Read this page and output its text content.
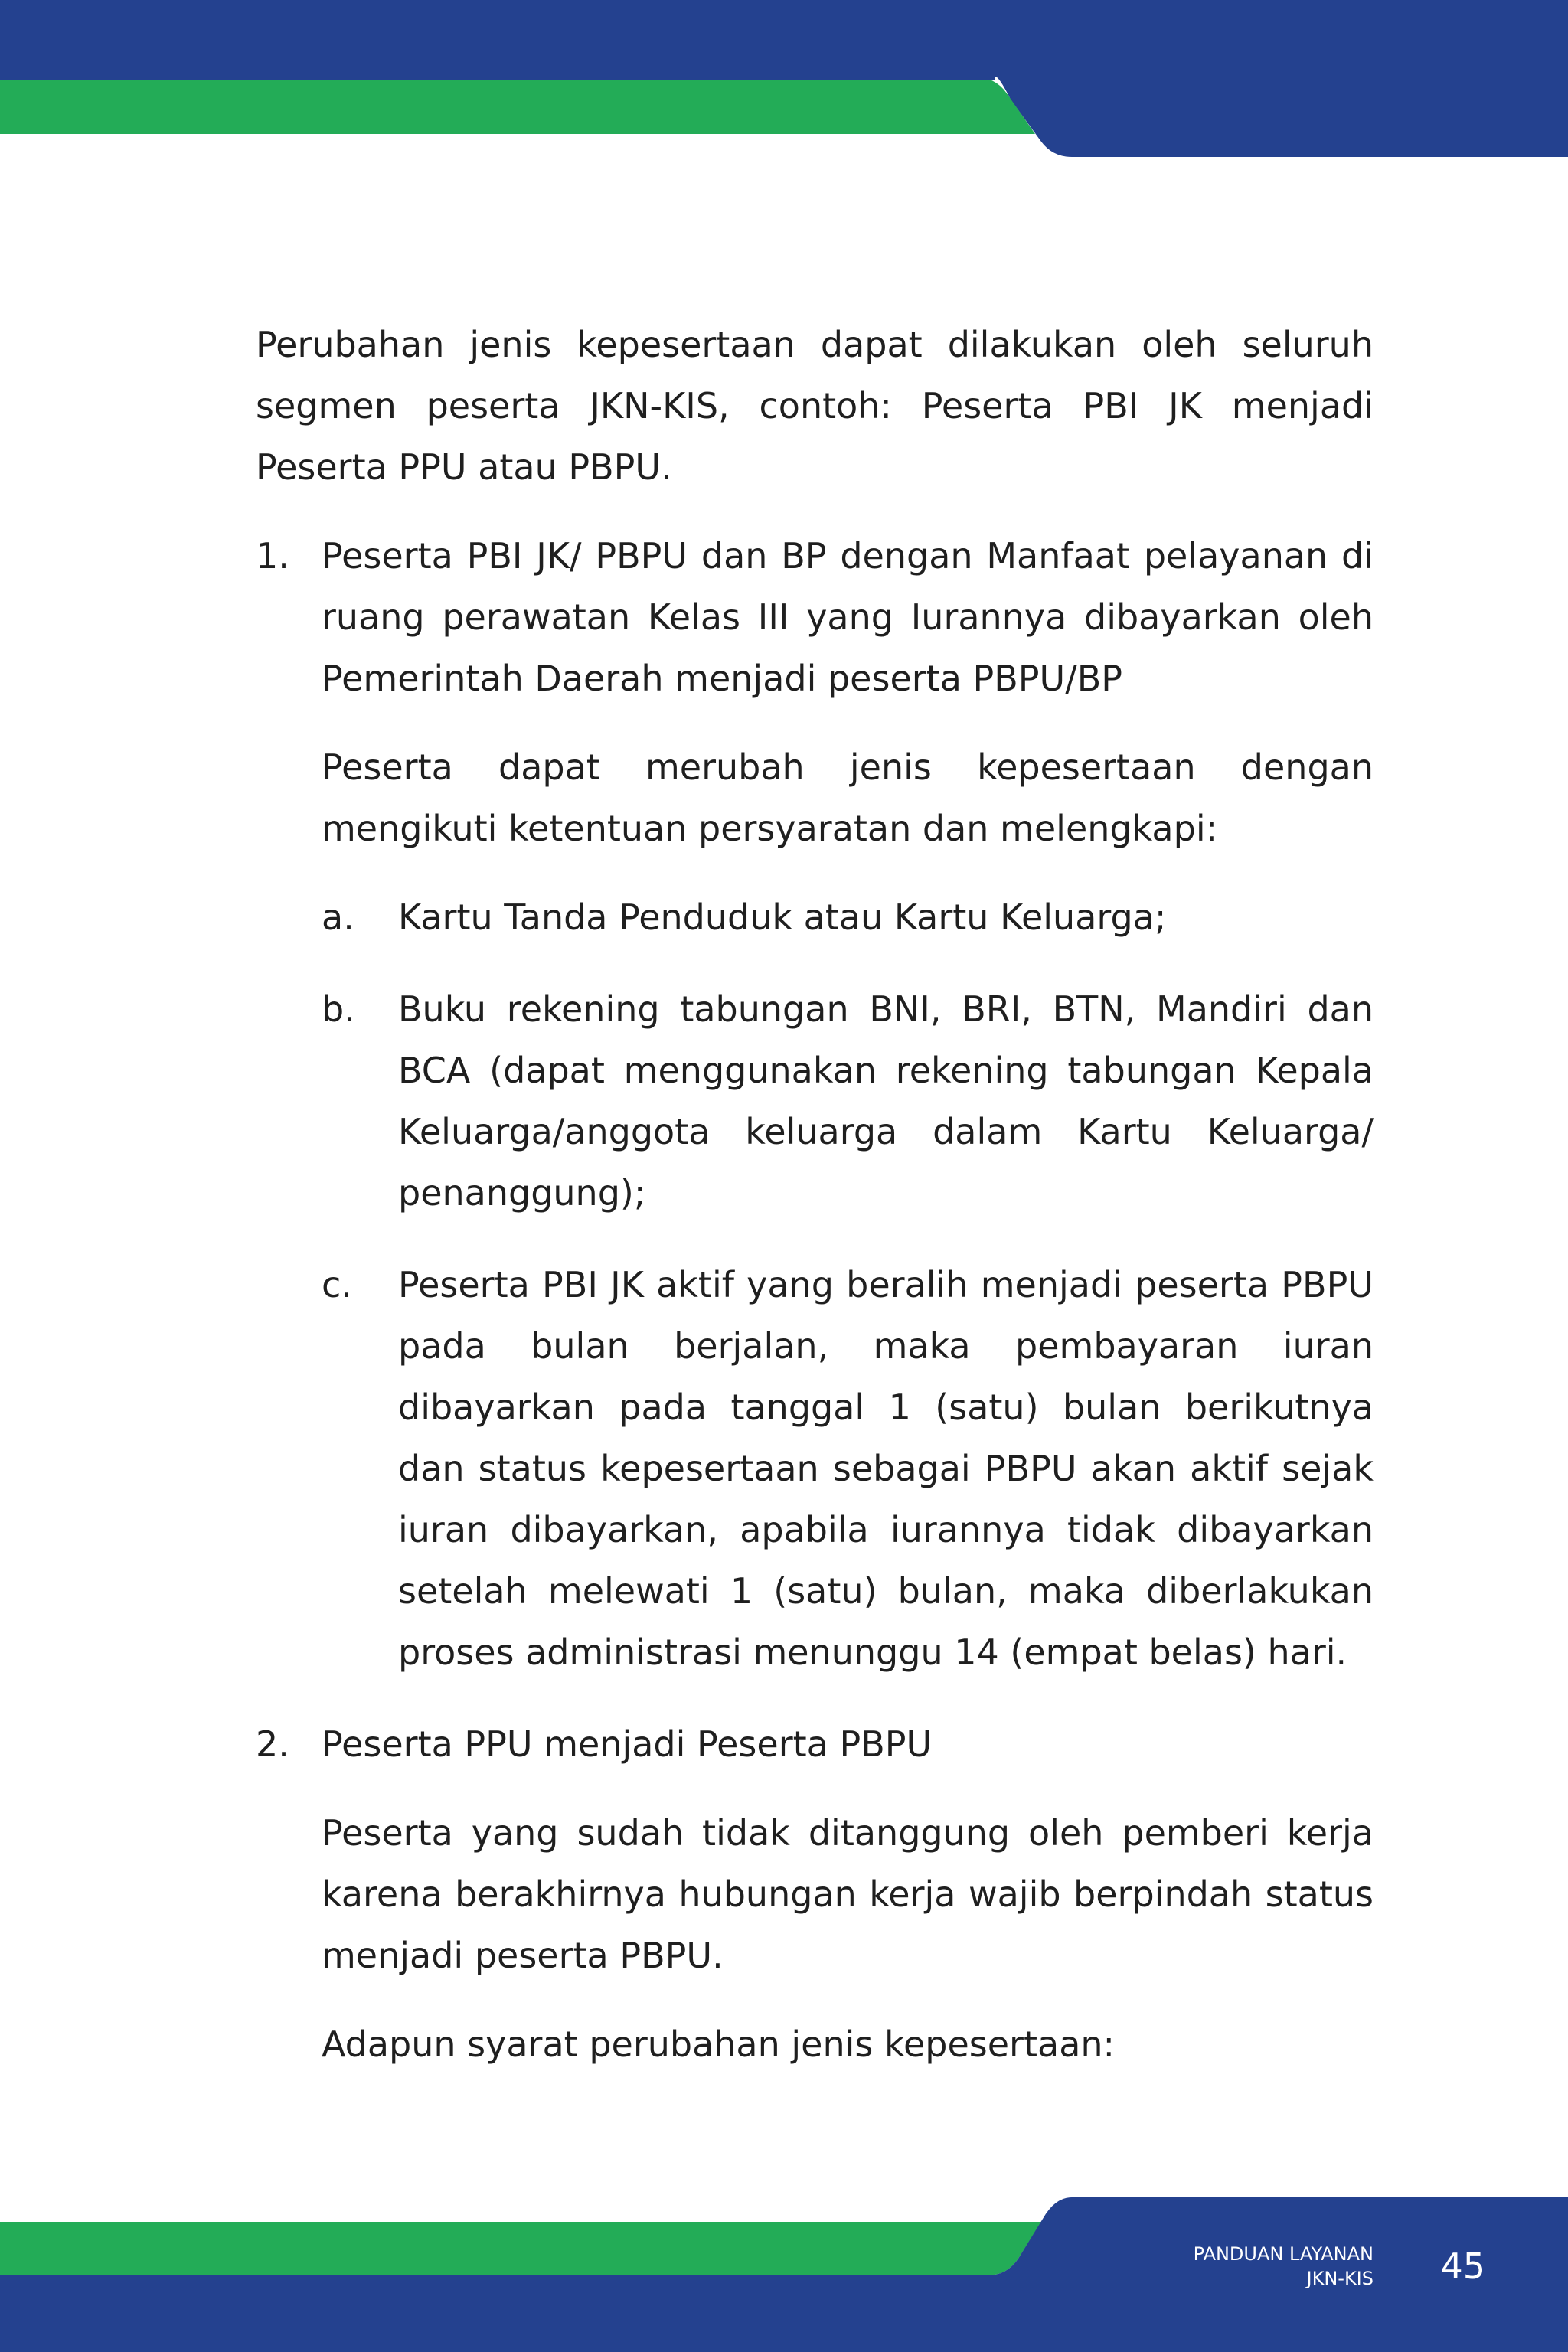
Perubahan jenis kepesertaan dapat dilakukan oleh seluruh segmen peserta JKN-KIS, contoh: Peserta PBI JK menjadi Peserta PPU atau PBPU.

1. Peserta PBI JK/ PBPU dan BP dengan Manfaat pelayanan di ruang perawatan Kelas III yang Iurannya dibayarkan oleh Pemerintah Daerah menjadi peserta PBPU/BP

Peserta dapat merubah jenis kepesertaan dengan mengikuti ketentuan persyaratan dan melengkapi:

a. Kartu Tanda Penduduk atau Kartu Keluarga;
b. Buku rekening tabungan BNI, BRI, BTN, Mandiri dan BCA (dapat menggunakan rekening tabungan Kepala Keluarga/anggota keluarga dalam Kartu Keluarga/ penanggung);
c. Peserta PBI JK aktif yang beralih menjadi peserta PBPU pada bulan berjalan, maka pembayaran iuran dibayarkan pada tanggal 1 (satu) bulan berikutnya dan status kepesertaan sebagai PBPU akan aktif sejak iuran dibayarkan, apabila iurannya tidak dibayarkan setelah melewati 1 (satu) bulan, maka diberlakukan proses administrasi menunggu 14 (empat belas) hari.
2. Peserta PPU menjadi Peserta PBPU

Peserta yang sudah tidak ditanggung oleh pemberi kerja karena berakhirnya hubungan kerja wajib berpindah status menjadi peserta PBPU.

Adapun syarat perubahan jenis kepesertaan:

PANDUAN LAYANAN
JKN-KIS 45
